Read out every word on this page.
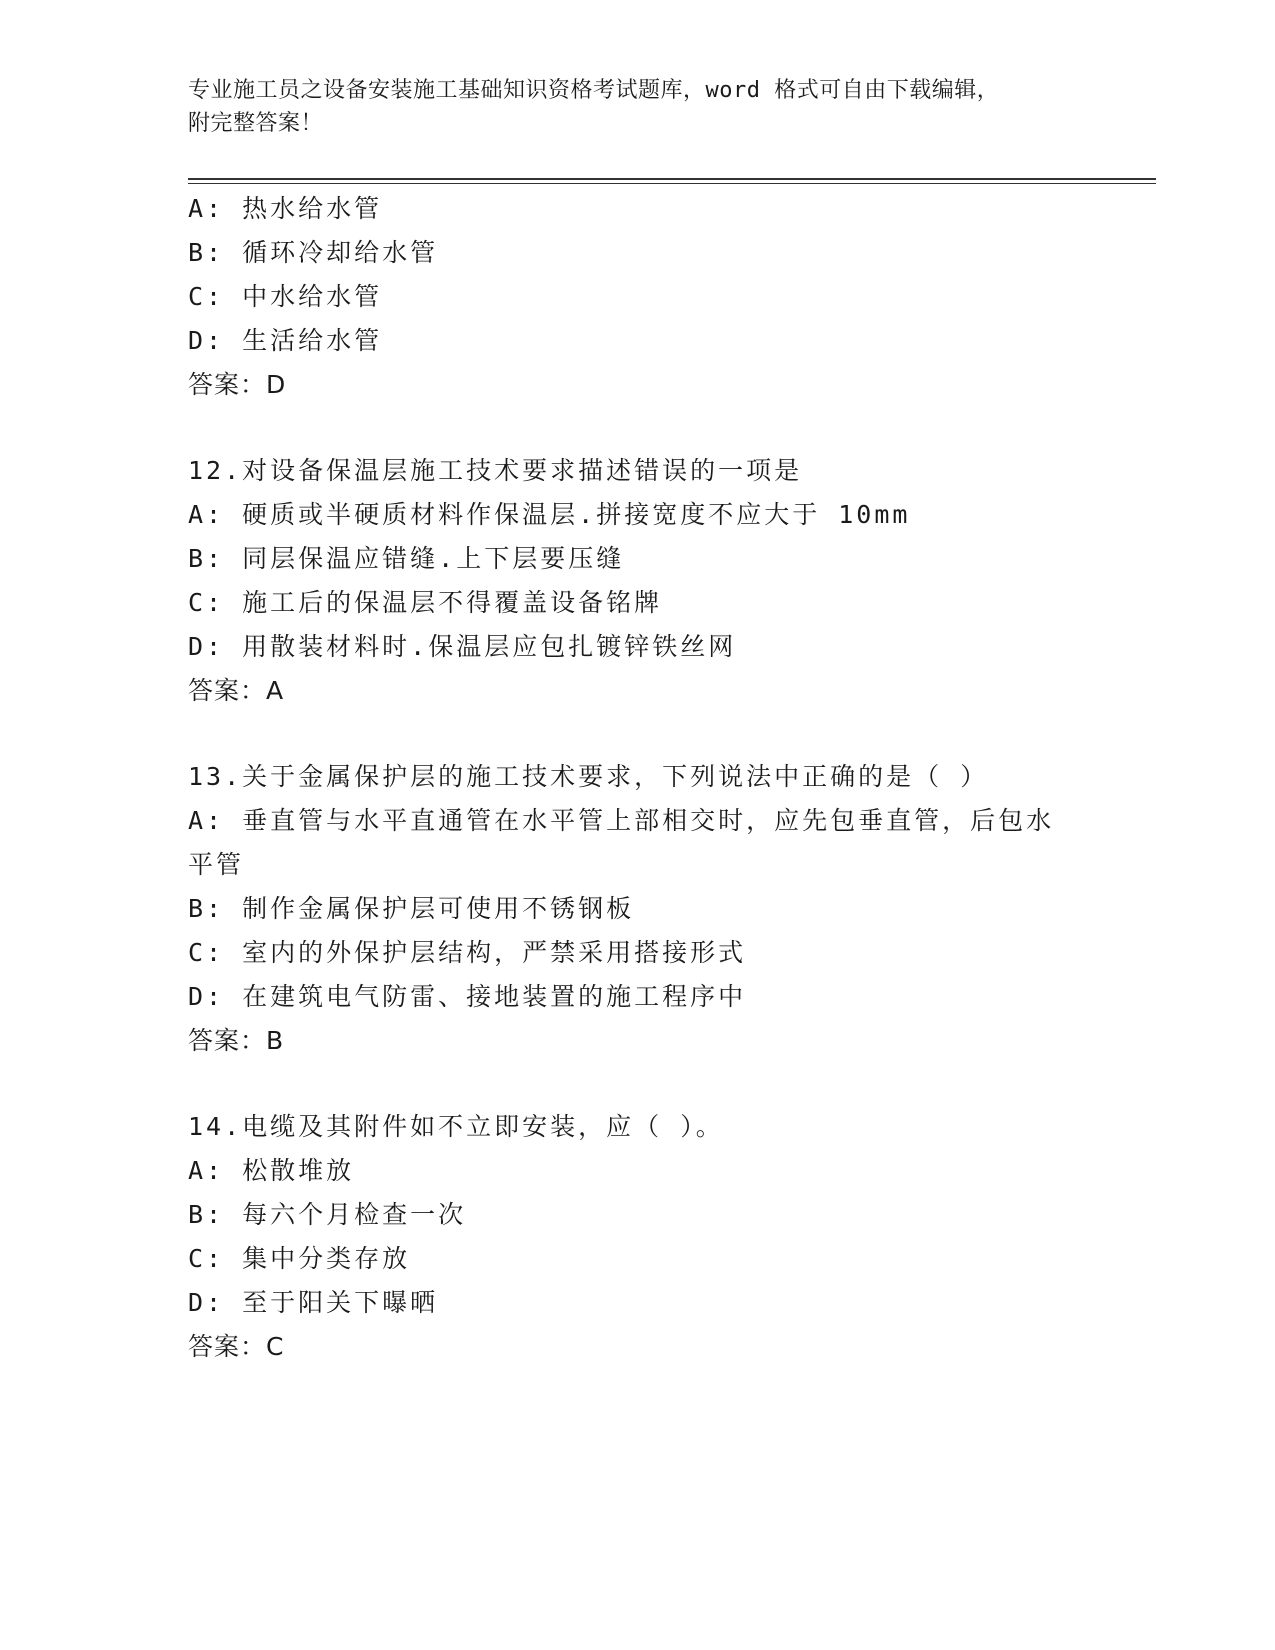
专业施工员之设备安装施工基础知识资格考试题库，word 格式可自由下载编辑，
附完整答案！
A: 热水给水管
B: 循环冷却给水管
C: 中水给水管
D: 生活给水管
答案：D
12.对设备保温层施工技术要求描述错误的一项是
A: 硬质或半硬质材料作保温层.拼接宽度不应大于 10mm
B: 同层保温应错缝.上下层要压缝
C: 施工后的保温层不得覆盖设备铭牌
D: 用散装材料时.保温层应包扎镀锌铁丝网
答案：A
13.关于金属保护层的施工技术要求，下列说法中正确的是（ ）
A: 垂直管与水平直通管在水平管上部相交时，应先包垂直管，后包水
平管
B: 制作金属保护层可使用不锈钢板
C: 室内的外保护层结构，严禁采用搭接形式
D: 在建筑电气防雷、接地装置的施工程序中
答案：B
14.电缆及其附件如不立即安装，应（ ）。
A: 松散堆放
B: 每六个月检查一次
C: 集中分类存放
D: 至于阳关下曝晒
答案：C
